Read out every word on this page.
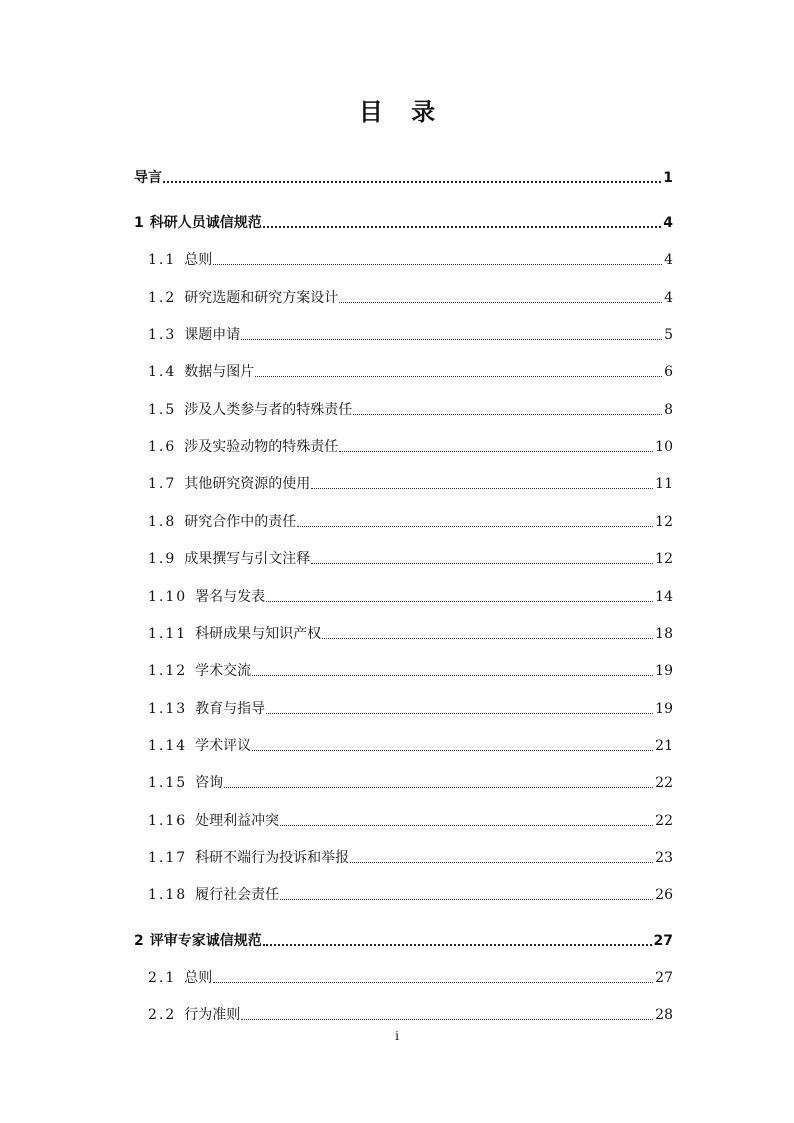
目 录
导言	1
1 科研人员诚信规范	4
1.1 总则	4
1.2 研究选题和研究方案设计	4
1.3 课题申请	5
1.4 数据与图片	6
1.5 涉及人类参与者的特殊责任	8
1.6 涉及实验动物的特殊责任	10
1.7 其他研究资源的使用	11
1.8 研究合作中的责任	12
1.9 成果撰写与引文注释	12
1.10 署名与发表	14
1.11 科研成果与知识产权	18
1.12 学术交流	19
1.13 教育与指导	19
1.14 学术评议	21
1.15 咨询	22
1.16 处理利益冲突	22
1.17 科研不端行为投诉和举报	23
1.18 履行社会责任	26
2 评审专家诚信规范	27
2.1 总则	27
2.2 行为准则	28
i
